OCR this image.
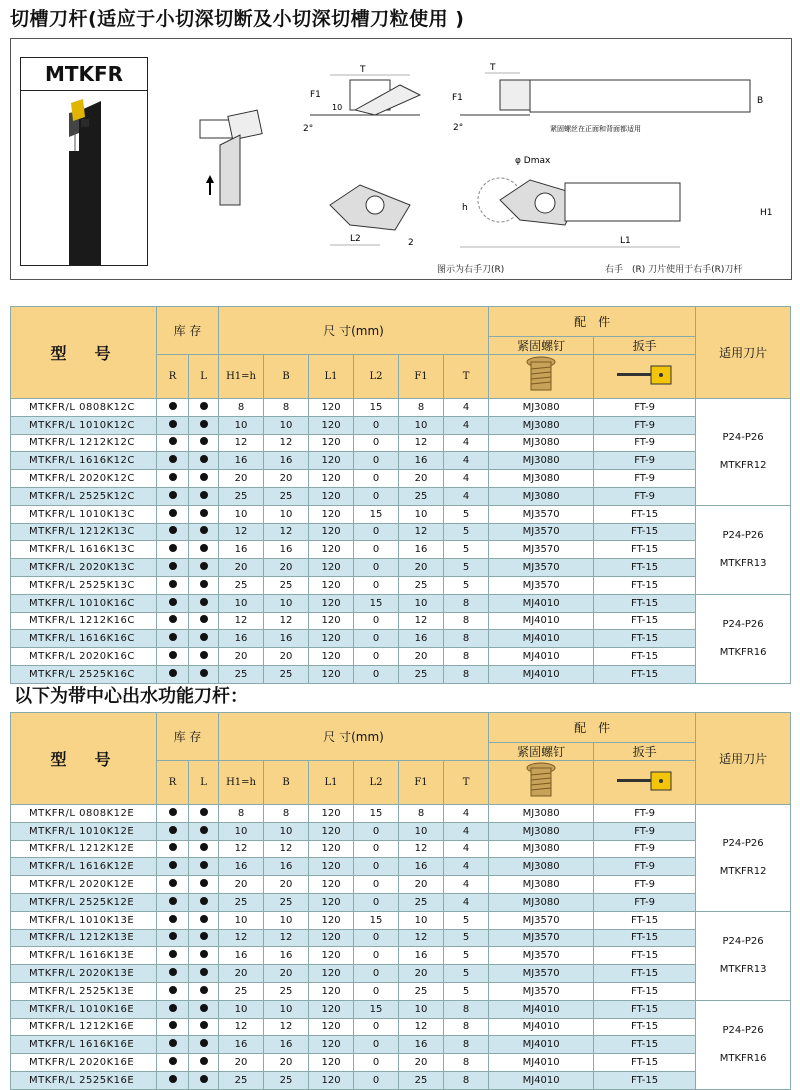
切槽刀杆(适应于小切深切断及小切深切槽刀粒使用 )
MTKFR	T
F1
10
2°
T
F1
2°
B
紧固螺丝在正面和背面都适用
L2	2
h
φ Dmax
H1
L1
图示为右手刀(R)	右手　(R) 刀片使用于右手(R)刀杆
型　号	库 存		尺 寸(mm)						配　件		适用刀片
									紧固螺钉	扳手	
	R	L	H1=h	B	L1	L2	F1	T		
MTKFR/L 0808K12C			8	8	120	15	8	4	MJ3080	FT-9	P24-P26
MTKFR12

MTKFR/L 1010K12C			10	10	120	0	10	4	MJ3080	FT-9	
MTKFR/L 1212K12C			12	12	120	0	12	4	MJ3080	FT-9	
MTKFR/L 1616K12C			16	16	120	0	16	4	MJ3080	FT-9	
MTKFR/L 2020K12C			20	20	120	0	20	4	MJ3080	FT-9	
MTKFR/L 2525K12C			25	25	120	0	25	4	MJ3080	FT-9	
MTKFR/L 1010K13C			10	10	120	15	10	5	MJ3570	FT-15	P24-P26
MTKFR13

MTKFR/L 1212K13C			12	12	120	0	12	5	MJ3570	FT-15	
MTKFR/L 1616K13C			16	16	120	0	16	5	MJ3570	FT-15	
MTKFR/L 2020K13C			20	20	120	0	20	5	MJ3570	FT-15	
MTKFR/L 2525K13C			25	25	120	0	25	5	MJ3570	FT-15	
MTKFR/L 1010K16C			10	10	120	15	10	8	MJ4010	FT-15	P24-P26
MTKFR16

MTKFR/L 1212K16C			12	12	120	0	12	8	MJ4010	FT-15	
MTKFR/L 1616K16C			16	16	120	0	16	8	MJ4010	FT-15	
MTKFR/L 2020K16C			20	20	120	0	20	8	MJ4010	FT-15	
MTKFR/L 2525K16C			25	25	120	0	25	8	MJ4010	FT-15	
以下为带中心出水功能刀杆：
型　号	库 存		尺 寸(mm)						配　件		适用刀片
									紧固螺钉	扳手	
	R	L	H1=h	B	L1	L2	F1	T		
MTKFR/L 0808K12E			8	8	120	15	8	4	MJ3080	FT-9	P24-P26
MTKFR12

MTKFR/L 1010K12E			10	10	120	0	10	4	MJ3080	FT-9	
MTKFR/L 1212K12E			12	12	120	0	12	4	MJ3080	FT-9	
MTKFR/L 1616K12E			16	16	120	0	16	4	MJ3080	FT-9	
MTKFR/L 2020K12E			20	20	120	0	20	4	MJ3080	FT-9	
MTKFR/L 2525K12E			25	25	120	0	25	4	MJ3080	FT-9	
MTKFR/L 1010K13E			10	10	120	15	10	5	MJ3570	FT-15	P24-P26
MTKFR13

MTKFR/L 1212K13E			12	12	120	0	12	5	MJ3570	FT-15	
MTKFR/L 1616K13E			16	16	120	0	16	5	MJ3570	FT-15	
MTKFR/L 2020K13E			20	20	120	0	20	5	MJ3570	FT-15	
MTKFR/L 2525K13E			25	25	120	0	25	5	MJ3570	FT-15	
MTKFR/L 1010K16E			10	10	120	15	10	8	MJ4010	FT-15	P24-P26
MTKFR16

MTKFR/L 1212K16E			12	12	120	0	12	8	MJ4010	FT-15	
MTKFR/L 1616K16E			16	16	120	0	16	8	MJ4010	FT-15	
MTKFR/L 2020K16E			20	20	120	0	20	8	MJ4010	FT-15	
MTKFR/L 2525K16E			25	25	120	0	25	8	MJ4010	FT-15	
